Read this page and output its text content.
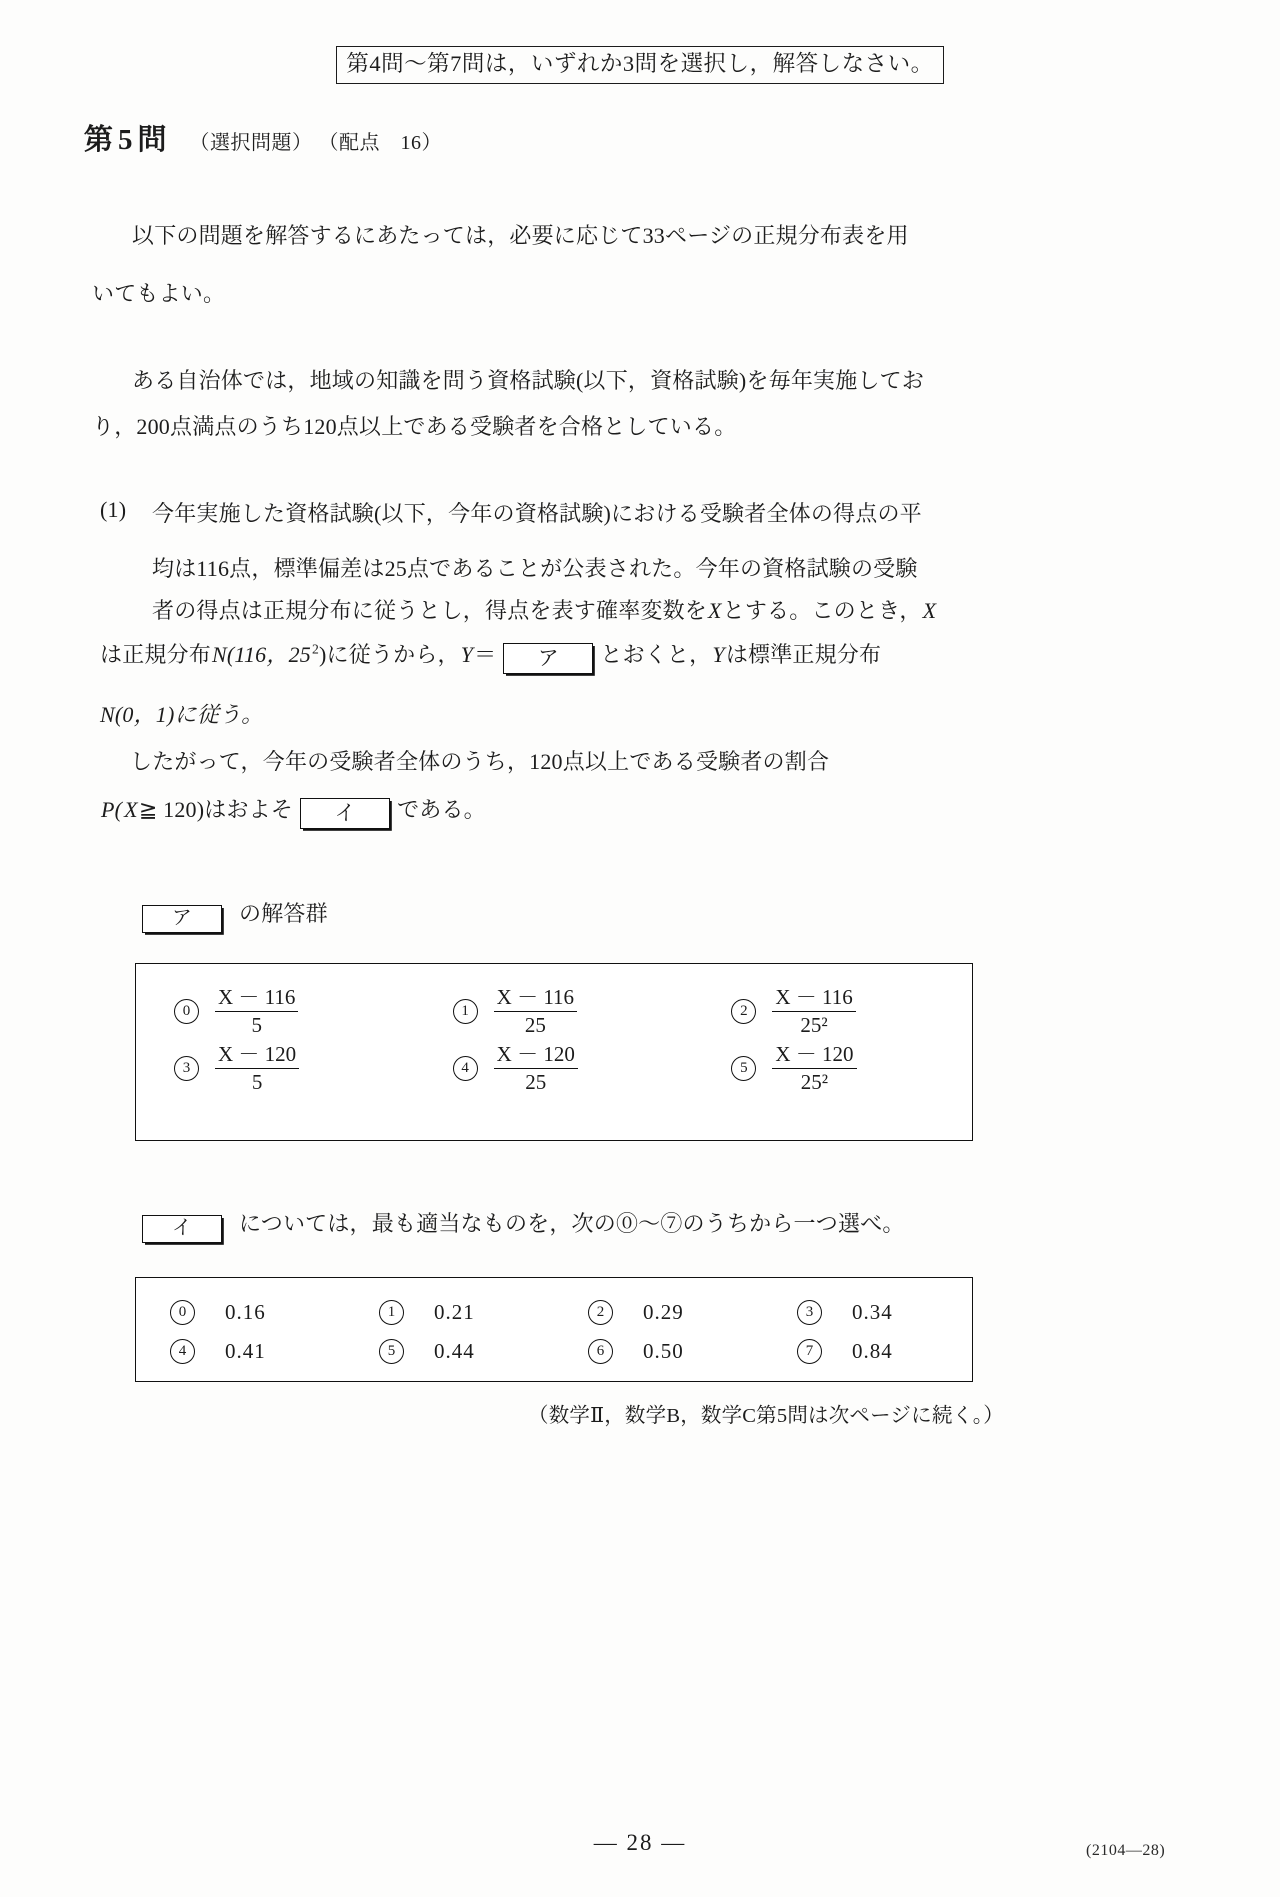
第4問～第7問は，いずれか3問を選択し，解答しなさい。
第5問 （選択問題） （配点　16）
以下の問題を解答するにあたっては，必要に応じて33ページの正規分布表を用
いてもよい。
ある自治体では，地域の知識を問う資格試験(以下，資格試験)を毎年実施してお
り，200点満点のうち120点以上である受験者を合格としている。
(1) 今年実施した資格試験(以下，今年の資格試験)における受験者全体の得点の平
均は116点，標準偏差は25点であることが公表された。今年の資格試験の受験
者の得点は正規分布に従うとし，得点を表す確率変数をXとする。このとき，X
は正規分布N(116，$25^2$)に従うから，Y＝ ア とおくと，Yは標準正規分布
N(0，1)に従う。
したがって，今年の受験者全体のうち，120点以上である受験者の割合
P(X≧ 120)はおよそ イ である。
ア の解答群
0	$\frac{X - 116}{5}$	1	$\frac{X - 116}{25}$	2	$\frac{X - 116}{\text{25²}}$
3	$\frac{X - 120}{5}$	4	$\frac{X - 120}{25}$	5	$\frac{X - 120}{\text{25²}}$
イ については，最も適当なものを，次の⓪～⑦のうちから一つ選べ。
0	0.16	1	0.21	2	0.29	3	0.34
4	0.41	5	0.44	6	0.50	7	0.84
（数学Ⅱ，数学B，数学C第5問は次ページに続く。）
— 28 —	(2104—28)
